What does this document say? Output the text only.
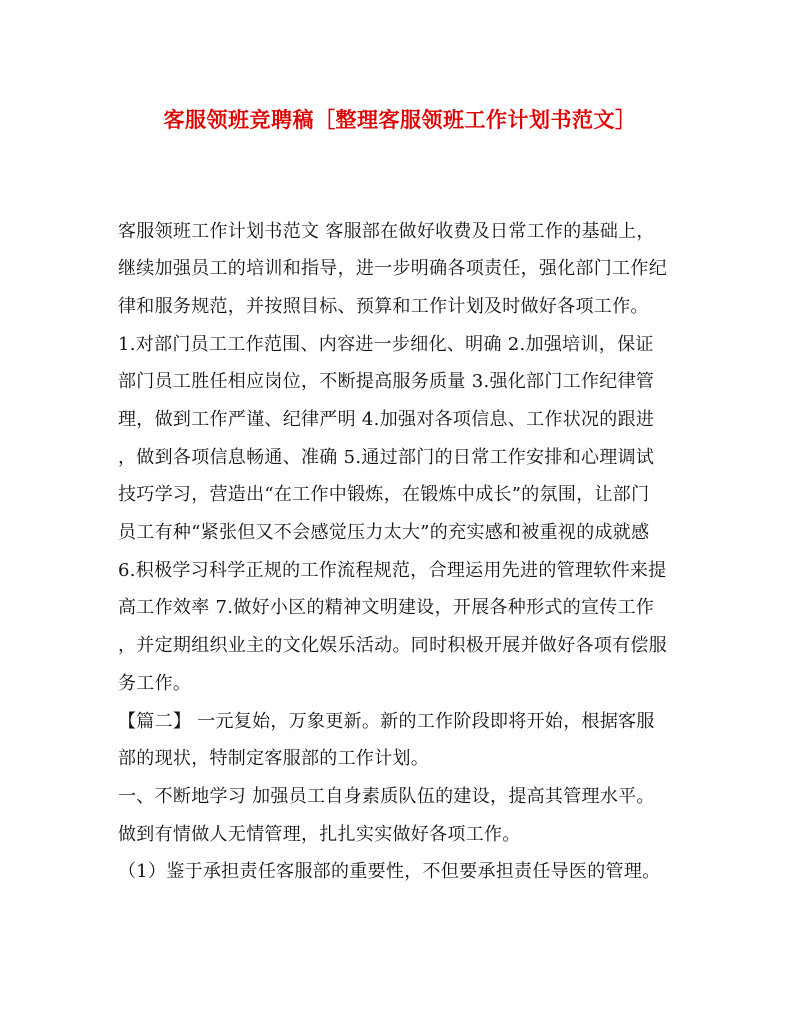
客服领班竞聘稿［整理客服领班工作计划书范文］
客服领班工作计划书范文 客服部在做好收费及日常工作的基础上，
继续加强员工的培训和指导，进一步明确各项责任，强化部门工作纪
律和服务规范，并按照目标、预算和工作计划及时做好各项工作。
1.对部门员工工作范围、内容进一步细化、明确 2.加强培训，保证
部门员工胜任相应岗位，不断提高服务质量 3.强化部门工作纪律管
理，做到工作严谨、纪律严明 4.加强对各项信息、工作状况的跟进
，做到各项信息畅通、准确 5.通过部门的日常工作安排和心理调试
技巧学习，营造出“在工作中锻炼，在锻炼中成长”的氛围，让部门
员工有种“紧张但又不会感觉压力太大”的充实感和被重视的成就感
6.积极学习科学正规的工作流程规范，合理运用先进的管理软件来提
高工作效率 7.做好小区的精神文明建设，开展各种形式的宣传工作
，并定期组织业主的文化娱乐活动。同时积极开展并做好各项有偿服
务工作。
【篇二】 一元复始，万象更新。新的工作阶段即将开始，根据客服
部的现状，特制定客服部的工作计划。
一、不断地学习 加强员工自身素质队伍的建设，提高其管理水平。
做到有情做人无情管理，扎扎实实做好各项工作。
（1）鉴于承担责任客服部的重要性，不但要承担责任导医的管理。
